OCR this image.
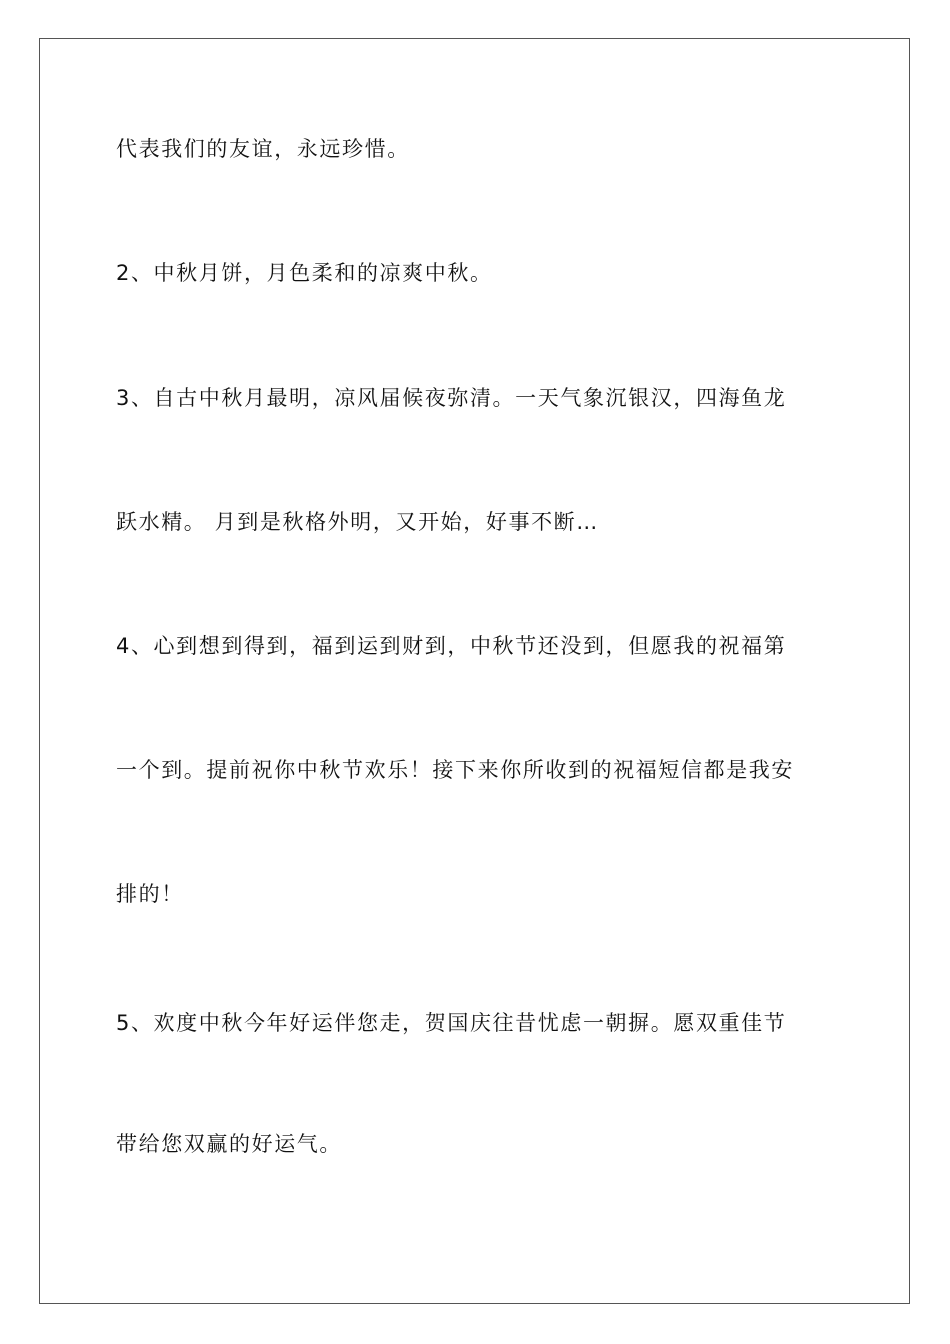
代表我们的友谊，永远珍惜。

2、中秋月饼，月色柔和的凉爽中秋。

3、自古中秋月最明，凉风届候夜弥清。一天气象沉银汉，四海鱼龙

跃水精。 月到是秋格外明，又开始，好事不断…

4、心到想到得到，福到运到财到，中秋节还没到，但愿我的祝福第

一个到。提前祝你中秋节欢乐！接下来你所收到的祝福短信都是我安

排的！

5、欢度中秋今年好运伴您走，贺国庆往昔忧虑一朝摒。愿双重佳节

带给您双赢的好运气。
